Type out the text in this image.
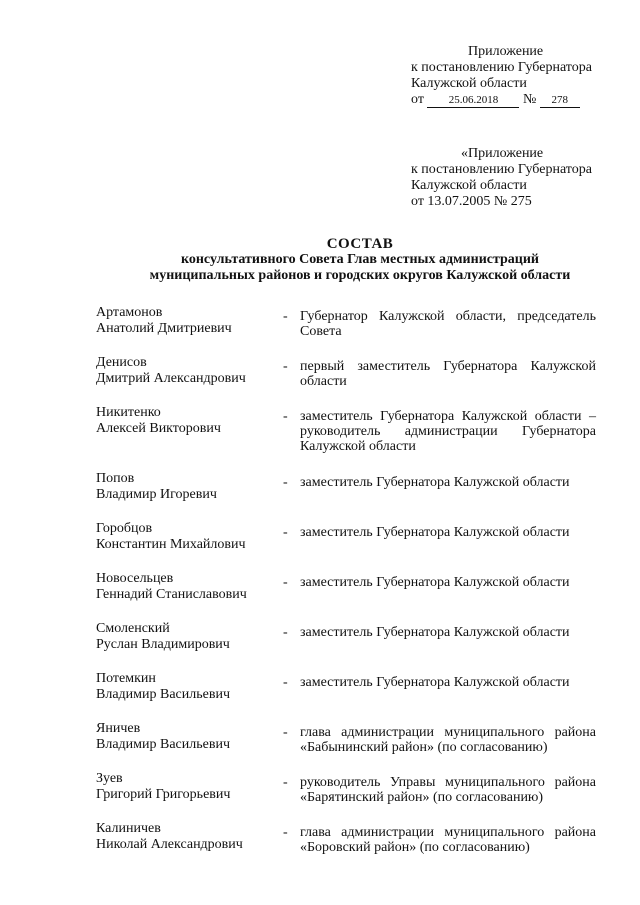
Приложение
к постановлению Губернатора
Калужской области
от 25.06.2018 № 278
«Приложение
к постановлению Губернатора
Калужской области
от 13.07.2005 № 275
СОСТАВ
консультативного Совета Глав местных администраций
муниципальных районов и городских округов Калужской области
Артамонов
Анатолий Дмитриевич
- Губернатор Калужской области, председатель Совета
Денисов
Дмитрий Александрович
- первый заместитель Губернатора Калужской области
Никитенко
Алексей Викторович
- заместитель Губернатора Калужской области – руководитель администрации Губернатора Калужской области
Попов
Владимир Игоревич
- заместитель Губернатора Калужской области
Горобцов
Константин Михайлович
- заместитель Губернатора Калужской области
Новосельцев
Геннадий Станиславович
- заместитель Губернатора Калужской области
Смоленский
Руслан Владимирович
- заместитель Губернатора Калужской области
Потемкин
Владимир Васильевич
- заместитель Губернатора Калужской области
Яничев
Владимир Васильевич
- глава администрации муниципального района «Бабынинский район» (по согласованию)
Зуев
Григорий Григорьевич
- руководитель Управы муниципального района «Барятинский район» (по согласованию)
Калиничев
Николай Александрович
- глава администрации муниципального района «Боровский район» (по согласованию)
